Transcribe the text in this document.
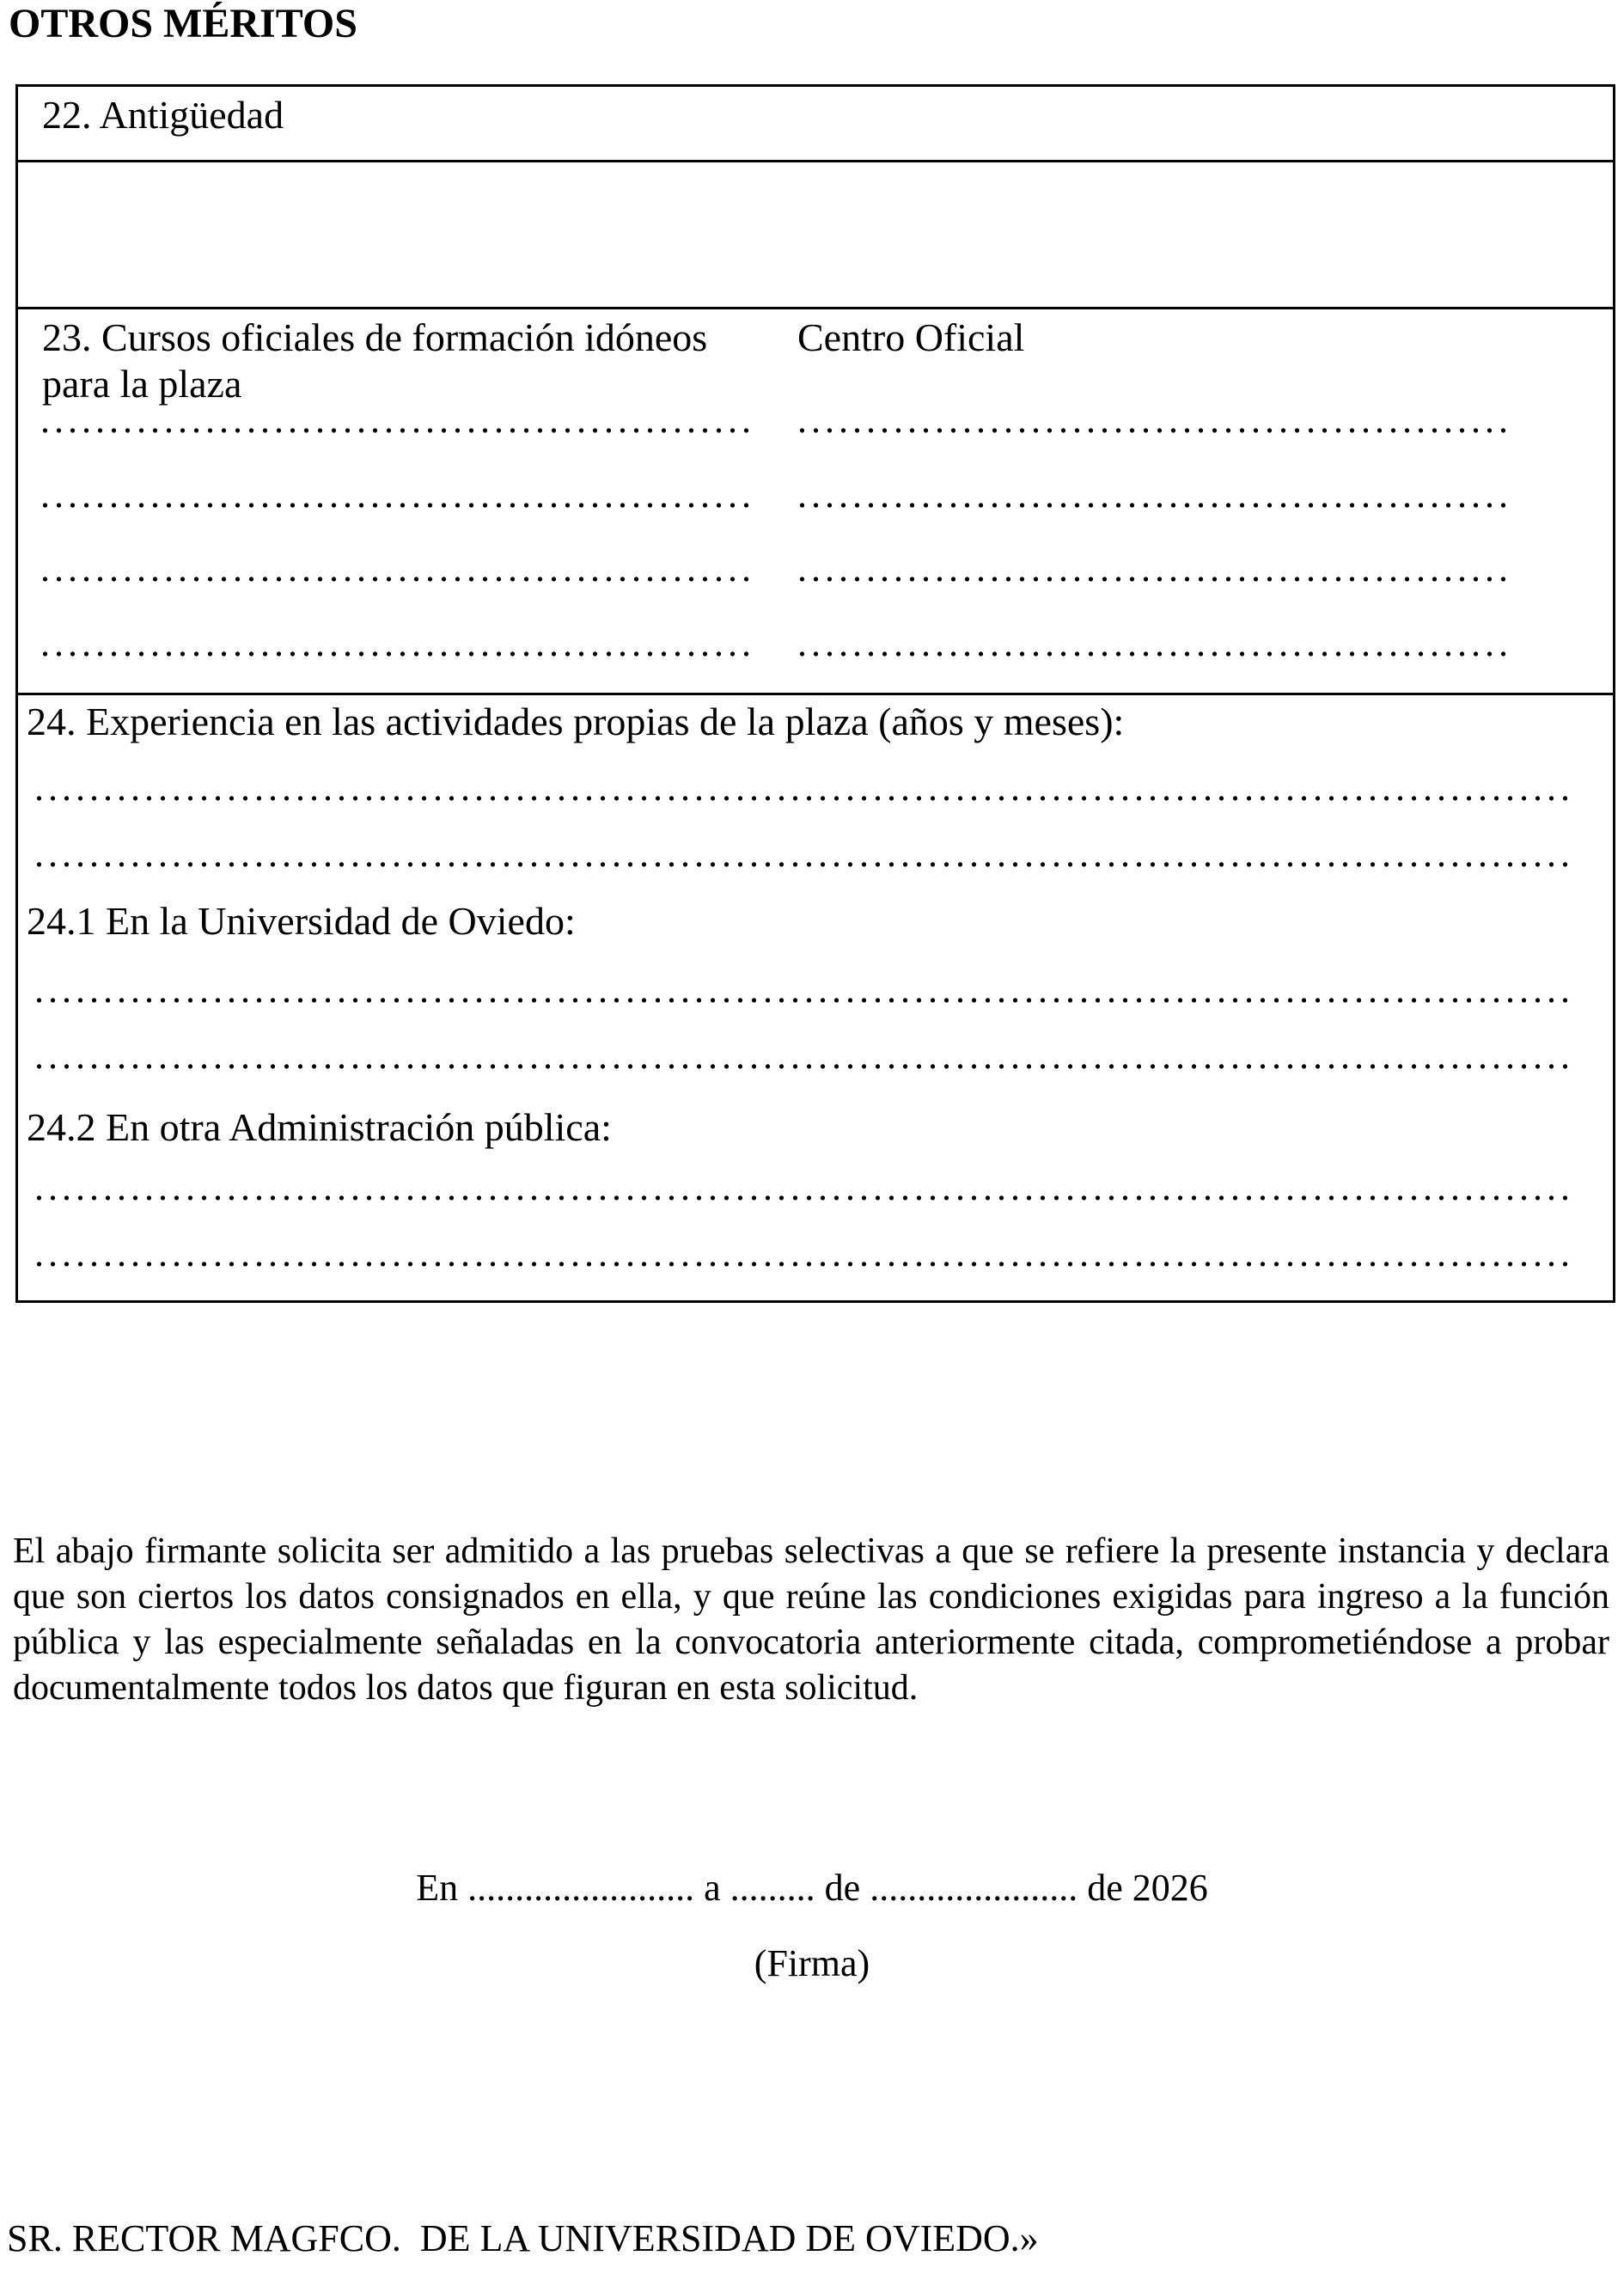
OTROS MÉRITOS
22. Antigüedad
23. Cursos oficiales de formación idóneos para la plaza
Centro Oficial
.................................................... ....................................................
.................................................... ....................................................
.................................................... ....................................................
.................................................... ....................................................
24. Experiencia en las actividades propias de la plaza (años y meses):
................................................................................................................
................................................................................................................
24.1 En la Universidad de Oviedo:
................................................................................................................
................................................................................................................
24.2 En otra Administración pública:
................................................................................................................
................................................................................................................

El abajo firmante solicita ser admitido a las pruebas selectivas a que se refiere la presente instancia y declara que son ciertos los datos consignados en ella, y que reúne las condiciones exigidas para ingreso a la función pública y las especialmente señaladas en la convocatoria anteriormente citada, comprometiéndose a probar documentalmente todos los datos que figuran en esta solicitud.

En ........................ a ......... de ...................... de 2026
(Firma)
SR. RECTOR MAGFCO.  DE LA UNIVERSIDAD DE OVIEDO.»
